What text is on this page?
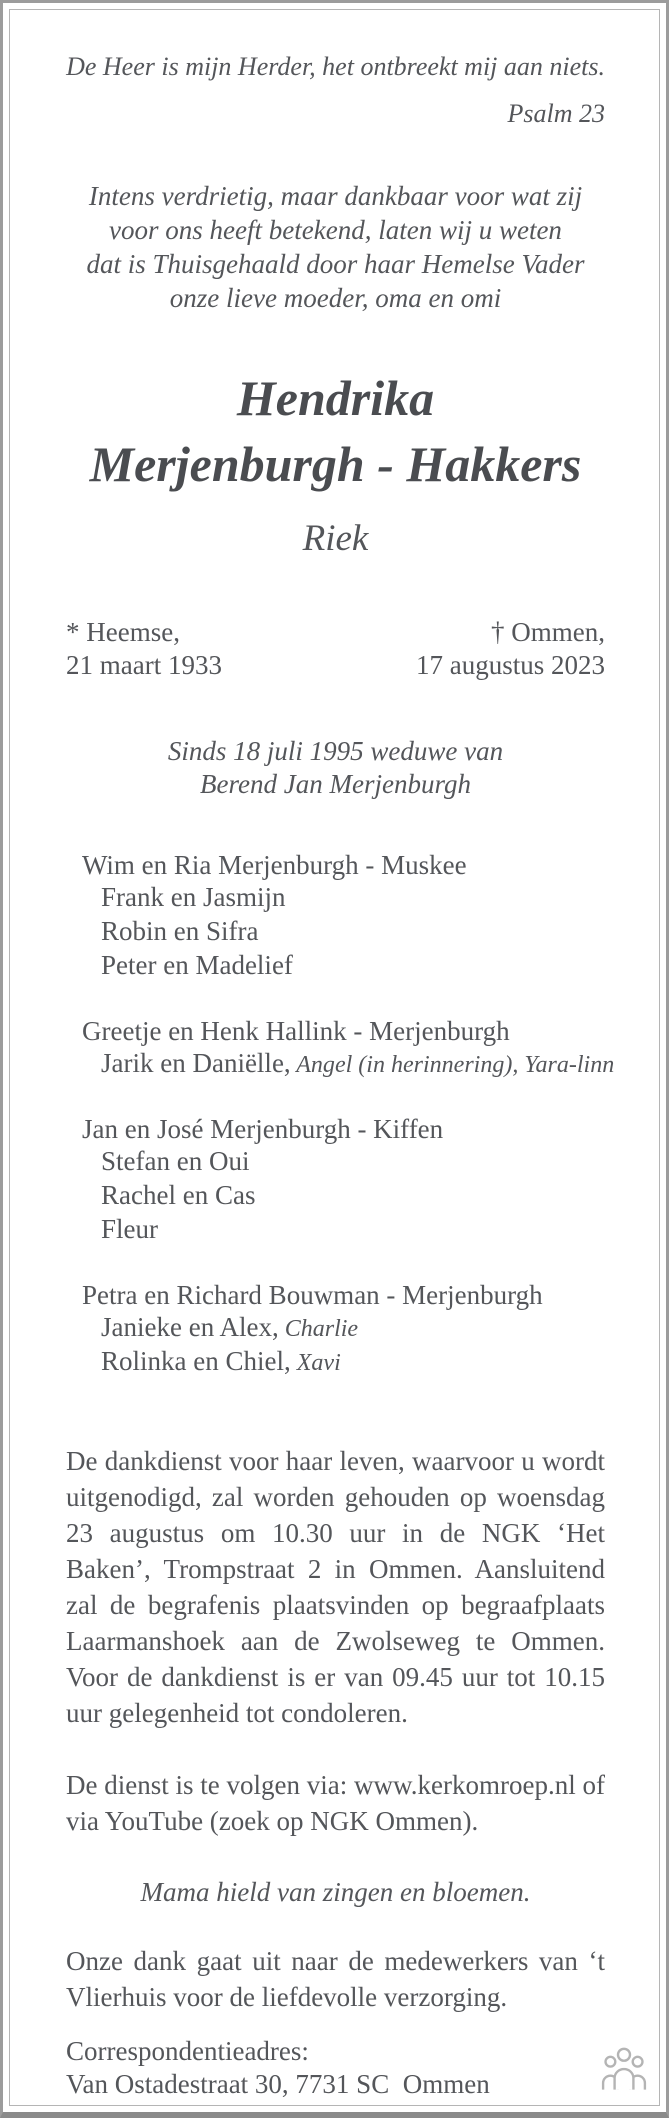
De Heer is mijn Herder, het ontbreekt mij aan niets.
Psalm 23
Intens verdrietig, maar dankbaar voor wat zij
voor ons heeft betekend, laten wij u weten
dat is Thuisgehaald door haar Hemelse Vader
onze lieve moeder, oma en omi
Hendrika
Merjenburgh - Hakkers
Riek
* Heemse,
21 maart 1933
† Ommen,
17 augustus 2023
Sinds 18 juli 1995 weduwe van
Berend Jan Merjenburgh
Wim en Ria Merjenburgh - Muskee
Frank en Jasmijn
Robin en Sifra
Peter en Madelief
Greetje en Henk Hallink - Merjenburgh
Jarik en Daniëlle, Angel (in herinnering), Yara-linn
Jan en José Merjenburgh - Kiffen
Stefan en Oui
Rachel en Cas
Fleur
Petra en Richard Bouwman - Merjenburgh
Janieke en Alex, Charlie
Rolinka en Chiel, Xavi
De dankdienst voor haar leven, waarvoor u wordt uitgenodigd, zal worden gehouden op woensdag 23 augustus om 10.30 uur in de NGK ‘Het Baken’, Trompstraat 2 in Ommen. Aansluitend zal de begrafenis plaatsvinden op begraafplaats Laarmanshoek aan de Zwolseweg te Ommen. Voor de dankdienst is er van 09.45 uur tot 10.15 uur gelegenheid tot condoleren.
De dienst is te volgen via: www.kerkomroep.nl of via YouTube (zoek op NGK Ommen).
Mama hield van zingen en bloemen.
Onze dank gaat uit naar de medewerkers van ‘t Vlierhuis voor de liefdevolle verzorging.
Correspondentieadres:
Van Ostadestraat 30, 7731 SC  Ommen
